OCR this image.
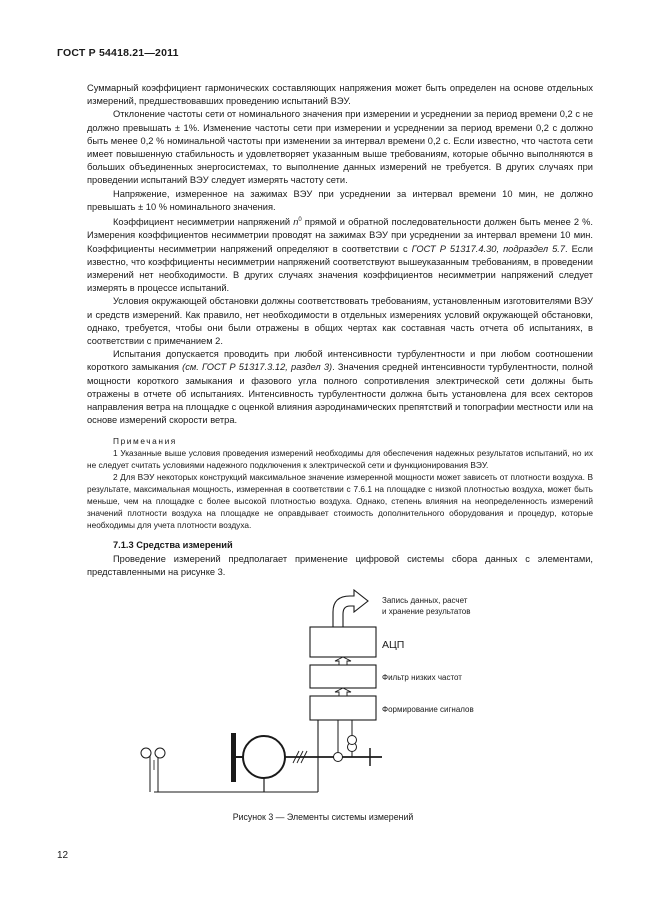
ГОСТ Р 54418.21—2011

Суммарный коэффициент гармонических составляющих напряжения может быть определен на основе отдельных измерений, предшествовавших проведению испытаний ВЭУ.

Отклонение частоты сети от номинального значения при измерении и усреднении за период времени 0,2 с не должно превышать ± 1%. Изменение частоты сети при измерении и усреднении за период времени 0,2 с должно быть менее 0,2 % номинальной частоты при изменении за интервал времени 0,2 с. Если известно, что частота сети имеет повышенную стабильность и удовлетворяет указанным выше требованиям, которые обычно выполняются в больших объединенных энергосистемах, то выполнение данных измерений не требуется. В других случаях при проведении испытаний ВЭУ следует измерять частоту сети.

Напряжение, измеренное на зажимах ВЭУ при усреднении за интервал времени 10 мин, не должно превышать ± 10 % номинального значения.

Коэффициент несимметрии напряжений $n^0$ прямой и обратной последовательности должен быть менее 2 %. Измерения коэффициентов несимметрии проводят на зажимах ВЭУ при усреднении за интервал времени 10 мин. Коэффициенты несимметрии напряжений определяют в соответствии с ГОСТ Р 51317.4.30, подраздел 5.7. Если известно, что коэффициенты несимметрии напряжений соответствуют вышеуказанным требованиям, в проведении измерений нет необходимости. В других случаях значения коэффициентов несимметрии напряжений следует измерять в процессе испытаний.

Условия окружающей обстановки должны соответствовать требованиям, установленным изготовителями ВЭУ и средств измерений. Как правило, нет необходимости в отдельных измерениях условий окружающей обстановки, однако, требуется, чтобы они были отражены в общих чертах как составная часть отчета об испытаниях, в соответствии с примечанием 2.

Испытания допускается проводить при любой интенсивности турбулентности и при любом соотношении короткого замыкания (см. ГОСТ Р 51317.3.12, раздел 3). Значения средней интенсивности турбулентности, полной мощности короткого замыкания и фазового угла полного сопротивления электрической сети должны быть отражены в отчете об испытаниях. Интенсивность турбулентности должна быть установлена для всех секторов направления ветра на площадке с оценкой влияния аэродинамических препятствий и топографии местности или на основе измерений скорости ветра.

Примечания

1 Указанные выше условия проведения измерений необходимы для обеспечения надежных результатов испытаний, но их не следует считать условиями надежного подключения к электрической сети и функционирования ВЭУ.

2 Для ВЭУ некоторых конструкций максимальное значение измеренной мощности может зависеть от плотности воздуха. В результате, максимальная мощность, измеренная в соответствии с 7.6.1 на площадке с низкой плотностью воздуха, может быть меньше, чем на площадке с более высокой плотностью воздуха. Однако, степень влияния на неопределенность измерений значений плотности воздуха на площадке не оправдывает стоимость дополнительного оборудования и процедур, которые необходимы для учета плотности воздуха.

7.1.3 Средства измерений

Проведение измерений предполагает применение цифровой системы сбора данных с элементами, представленными на рисунке 3.

Запись данных, расчет
и хранение результатов
АЦП
Фильтр низких частот
Формирование сигналов
Рисунок 3 — Элементы системы измерений
12
